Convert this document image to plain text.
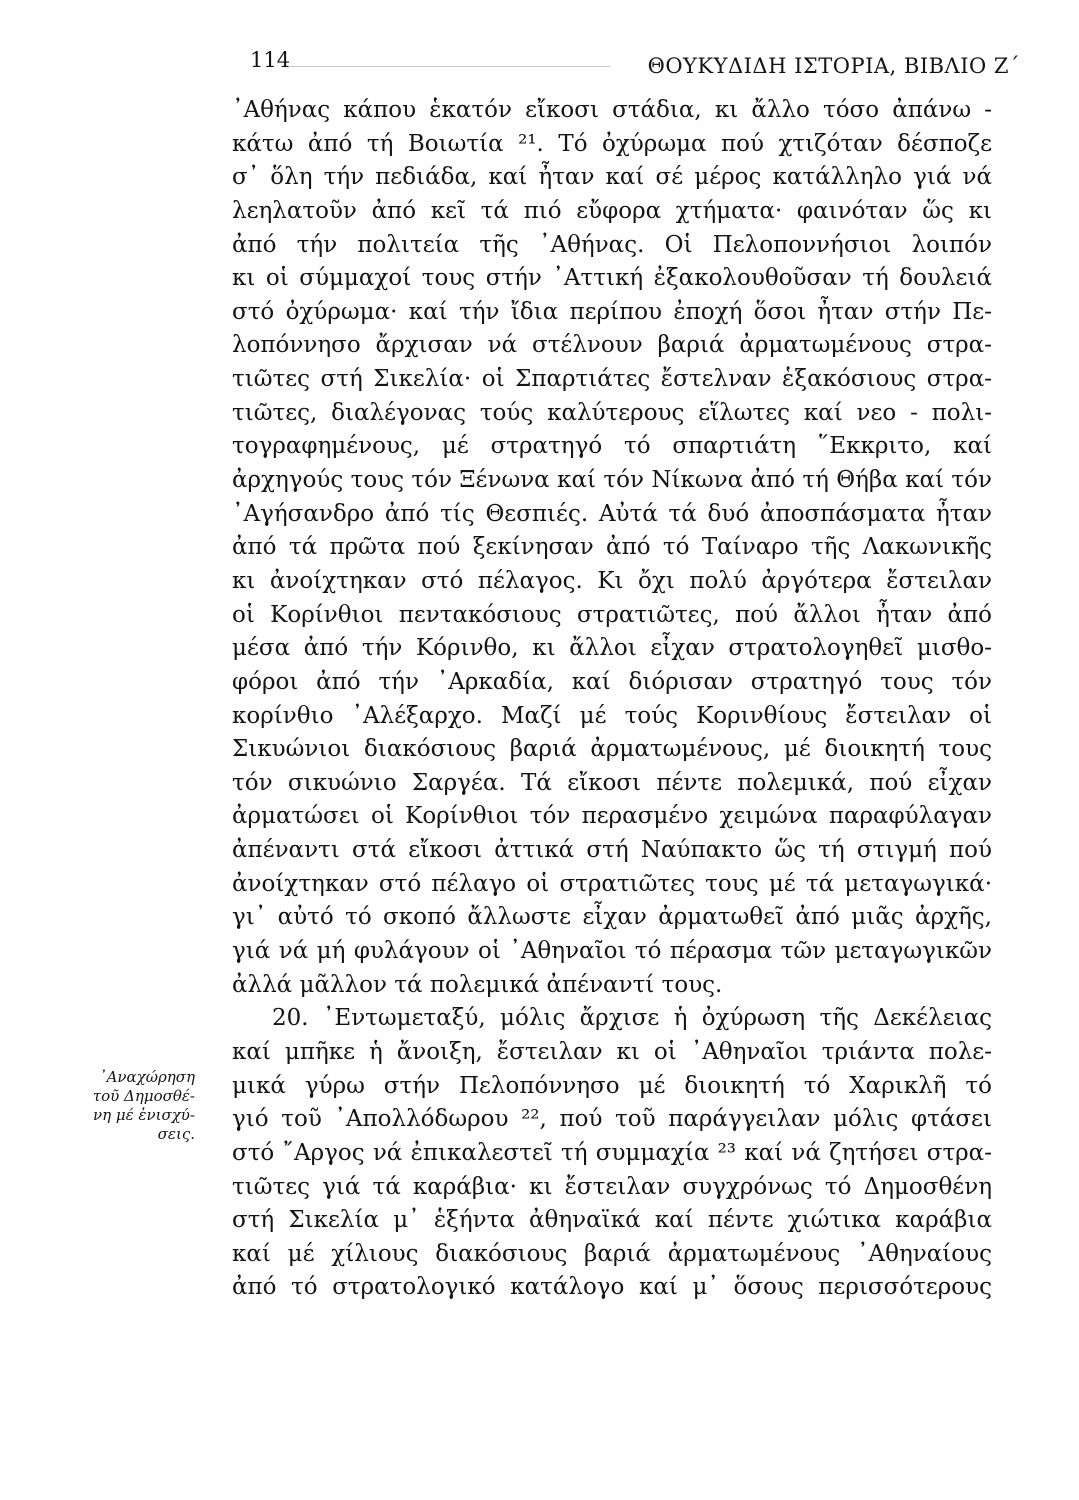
114	ΘΟΥΚΥΔΙΔΗ ΙΣΤΟΡΙΑ, ΒΙΒΛΙΟ Ζ΄
᾿Αναχώρηση
τοῦ Δημοσθέ-
νη μέ ἐνισχύ-
σεις.
᾿Αθήνας κάπου ἑκατόν εἴκοσι στάδια, κι ἄλλο τόσο ἀπάνω -
κάτω ἀπό τή Βοιωτία ²¹. Τό ὀχύρωμα πού χτιζόταν δέσποζε
σ᾿ ὅλη τήν πεδιάδα, καί ἦταν καί σέ μέρος κατάλληλο γιά νά
λεηλατοῦν ἀπό κεῖ τά πιό εὔφορα χτήματα· φαινόταν ὥς κι
ἀπό τήν πολιτεία τῆς ᾿Αθήνας. Οἱ Πελοποννήσιοι λοιπόν
κι οἱ σύμμαχοί τους στήν ᾿Αττική ἐξακολουθοῦσαν τή δουλειά
στό ὀχύρωμα· καί τήν ἴδια περίπου ἐποχή ὅσοι ἦταν στήν Πε-
λοπόννησο ἄρχισαν νά στέλνουν βαριά ἀρματωμένους στρα-
τιῶτες στή Σικελία· οἱ Σπαρτιάτες ἔστελναν ἑξακόσιους στρα-
τιῶτες, διαλέγονας τούς καλύτερους εἵλωτες καί νεο - πολι-
τογραφημένους, μέ στρατηγό τό σπαρτιάτη ῞Εκκριτο, καί
ἀρχηγούς τους τόν Ξένωνα καί τόν Νίκωνα ἀπό τή Θήβα καί τόν
᾿Αγήσανδρο ἀπό τίς Θεσπιές. Αὐτά τά δυό ἀποσπάσματα ἦταν
ἀπό τά πρῶτα πού ξεκίνησαν ἀπό τό Ταίναρο τῆς Λακωνικῆς
κι ἀνοίχτηκαν στό πέλαγος. Κι ὄχι πολύ ἀργότερα ἔστειλαν
οἱ Κορίνθιοι πεντακόσιους στρατιῶτες, πού ἄλλοι ἦταν ἀπό
μέσα ἀπό τήν Κόρινθο, κι ἄλλοι εἶχαν στρατολογηθεῖ μισθο-
φόροι ἀπό τήν ᾿Αρκαδία, καί διόρισαν στρατηγό τους τόν
κορίνθιο ᾿Αλέξαρχο. Μαζί μέ τούς Κορινθίους ἔστειλαν οἱ
Σικυώνιοι διακόσιους βαριά ἀρματωμένους, μέ διοικητή τους
τόν σικυώνιο Σαργέα. Τά εἴκοσι πέντε πολεμικά, πού εἶχαν
ἀρματώσει οἱ Κορίνθιοι τόν περασμένο χειμώνα παραφύλαγαν
ἀπέναντι στά εἴκοσι ἀττικά στή Ναύπακτο ὥς τή στιγμή πού
ἀνοίχτηκαν στό πέλαγο οἱ στρατιῶτες τους μέ τά μεταγωγικά·
γι᾿ αὐτό τό σκοπό ἄλλωστε εἶχαν ἀρματωθεῖ ἀπό μιᾶς ἀρχῆς,
γιά νά μή φυλάγουν οἱ ᾿Αθηναῖοι τό πέρασμα τῶν μεταγωγικῶν
ἀλλά μᾶλλον τά πολεμικά ἀπέναντί τους.
20. ᾿Εντωμεταξύ, μόλις ἄρχισε ἡ ὀχύρωση τῆς Δεκέλειας
καί μπῆκε ἡ ἄνοιξη, ἔστειλαν κι οἱ ᾿Αθηναῖοι τριάντα πολε-
μικά γύρω στήν Πελοπόννησο μέ διοικητή τό Χαρικλῆ τό
γιό τοῦ ᾿Απολλόδωρου ²², πού τοῦ παράγγειλαν μόλις φτάσει
στό ῎Αργος νά ἐπικαλεστεῖ τή συμμαχία ²³ καί νά ζητήσει στρα-
τιῶτες γιά τά καράβια· κι ἔστειλαν συγχρόνως τό Δημοσθένη
στή Σικελία μ᾿ ἑξήντα ἀθηναϊκά καί πέντε χιώτικα καράβια
καί μέ χίλιους διακόσιους βαριά ἀρματωμένους ᾿Αθηναίους
ἀπό τό στρατολογικό κατάλογο καί μ᾿ ὅσους περισσότερους
